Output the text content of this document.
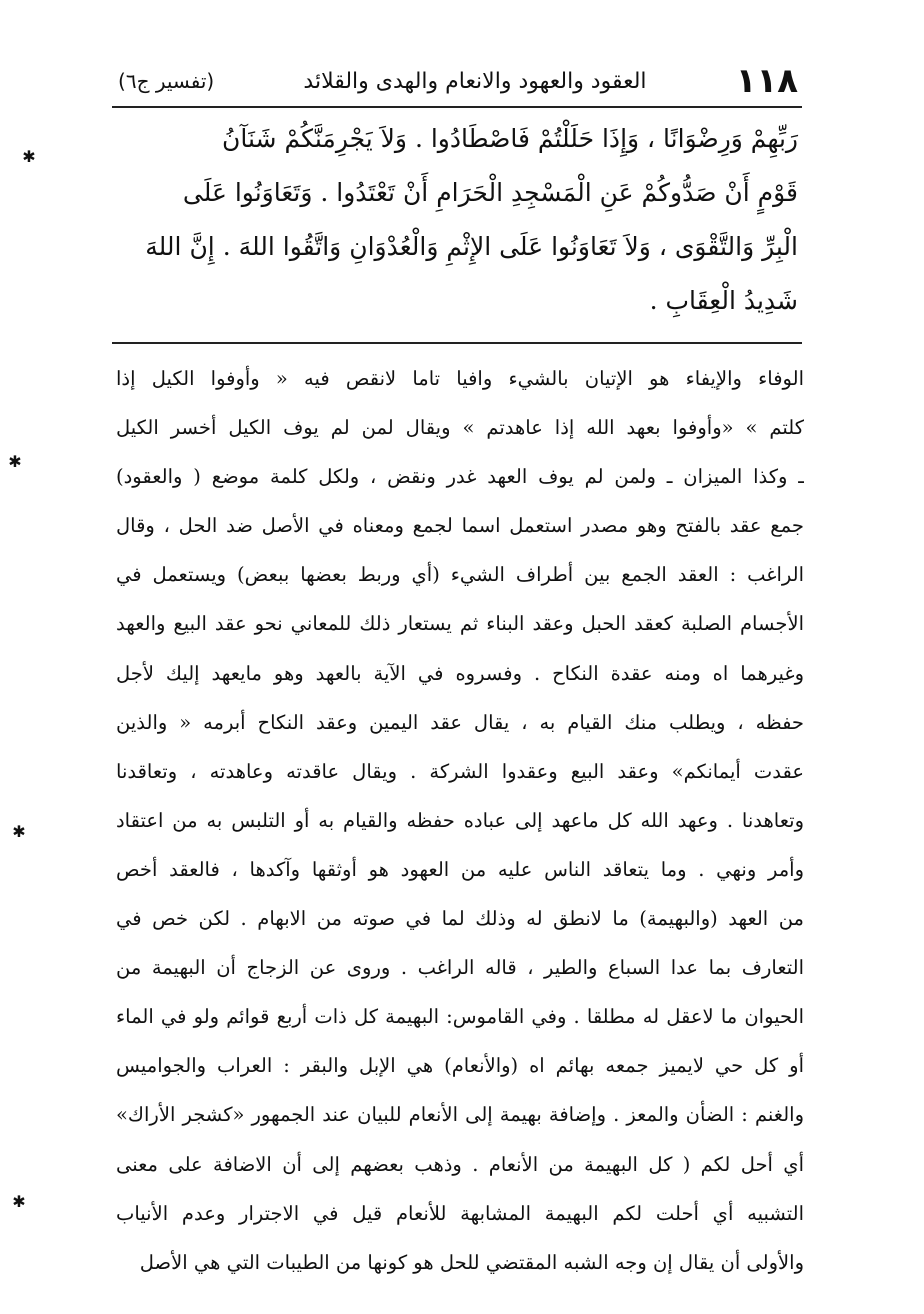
١١٨
العقود والعهود والانعام والهدى والقلائد
(تفسير ج٦)
رَبِّهِمْ وَرِضْوَانًا ، وَإِذَا حَلَلْتُمْ فَاصْطَادُوا . وَلاَ يَجْرِمَنَّكُمْ شَنَآنُ
قَوْمٍ أَنْ صَدُّوكُمْ عَنِ الْمَسْجِدِ الْحَرَامِ أَنْ تَعْتَدُوا . وَتَعَاوَنُوا عَلَى
الْبِرِّ وَالتَّقْوَى ، وَلاَ تَعَاوَنُوا عَلَى الإِثْمِ وَالْعُدْوَانِ وَاتَّقُوا اللهَ . إِنَّ اللهَ
شَدِيدُ الْعِقَابِ .
الوفاء والإيفاء هو الإتيان بالشيء وافيا تاما لانقص فيه « وأوفوا الكيل إذا
كلتم » «وأوفوا بعهد الله إذا عاهدتم » ويقال لمن لم يوف الكيل أخسر الكيل
ـ وكذا الميزان ـ ولمن لم يوف العهد غدر ونقض ، ولكل كلمة موضع ( والعقود)
جمع عقد بالفتح وهو مصدر استعمل اسما لجمع ومعناه في الأصل ضد الحل ، وقال
الراغب : العقد الجمع بين أطراف الشيء (أي وربط بعضها ببعض) ويستعمل في
الأجسام الصلبة كعقد الحبل وعقد البناء ثم يستعار ذلك للمعاني نحو عقد البيع والعهد
وغيرهما اه ومنه عقدة النكاح . وفسروه في الآية بالعهد وهو مايعهد إليك لأجل
حفظه ، ويطلب منك القيام به ، يقال عقد اليمين وعقد النكاح أبرمه « والذين
عقدت أيمانكم» وعقد البيع وعقدوا الشركة . ويقال عاقدته وعاهدته ، وتعاقدنا
وتعاهدنا . وعهد الله كل ماعهد إلى عباده حفظه والقيام به أو التلبس به من اعتقاد
وأمر ونهي . وما يتعاقد الناس عليه من العهود هو أوثقها وآكدها ، فالعقد أخص
من العهد (والبهيمة) ما لانطق له وذلك لما في صوته من الابهام . لكن خص في
التعارف بما عدا السباع والطير ، قاله الراغب . وروى عن الزجاج أن البهيمة من
الحيوان ما لاعقل له مطلقا . وفي القاموس: البهيمة كل ذات أربع قوائم ولو في الماء
أو كل حي لايميز جمعه بهائم اه (والأنعام) هي الإبل والبقر : العراب والجواميس
والغنم : الضأن والمعز . وإضافة بهيمة إلى الأنعام للبيان عند الجمهور «كشجر الأراك»
أي أحل لكم ( كل البهيمة من الأنعام . وذهب بعضهم إلى أن الاضافة على معنى
التشبيه أي أحلت لكم البهيمة المشابهة للأنعام قيل في الاجترار وعدم الأنياب
والأولى أن يقال إن وجه الشبه المقتضي للحل هو كونها من الطيبات التي هي الأصل
✱
✱
✱
✱
